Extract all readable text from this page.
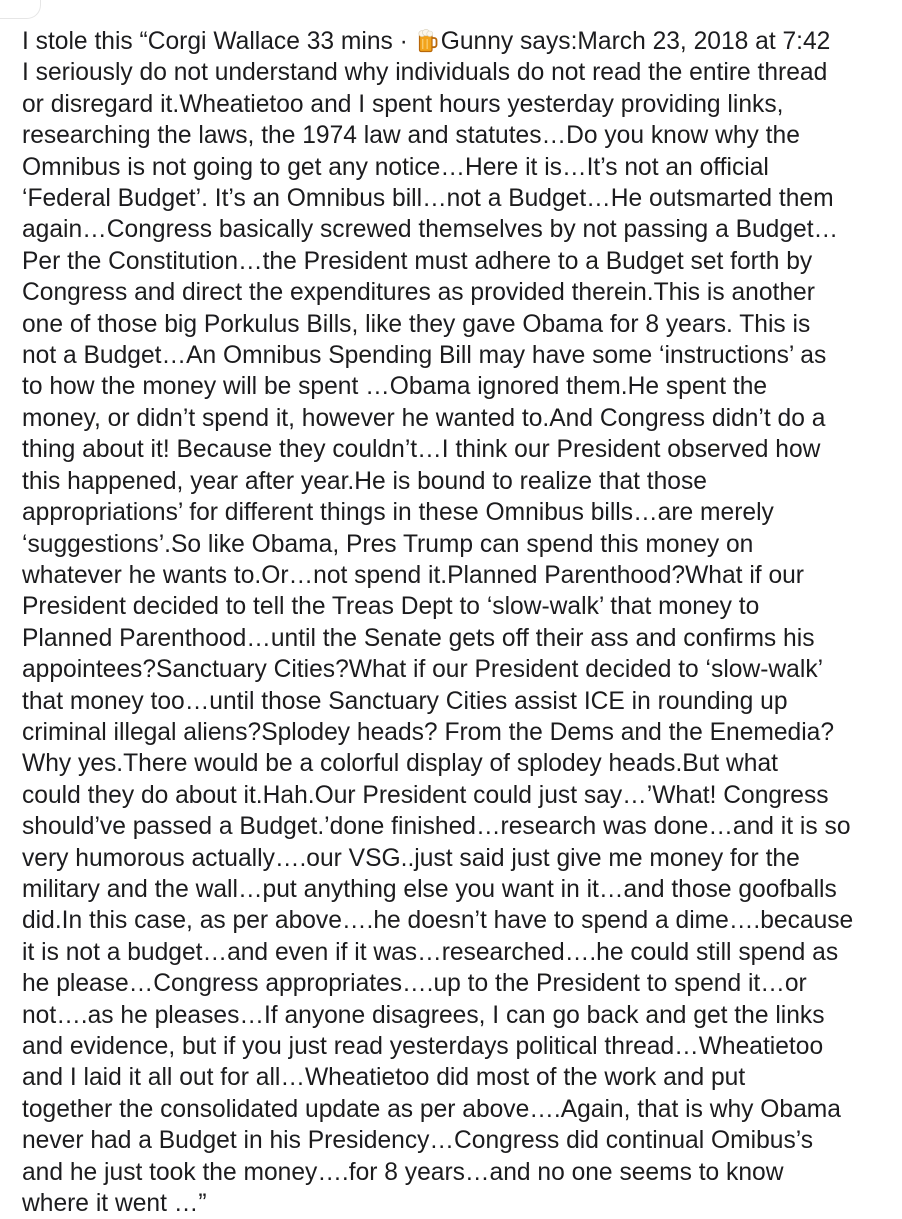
I stole this “Corgi Wallace 33 mins · Gunny says:March 23, 2018 at 7:42
I seriously do not understand why individuals do not read the entire thread
or disregard it.Wheatietoo and I spent hours yesterday providing links,
researching the laws, the 1974 law and statutes…Do you know why the
Omnibus is not going to get any notice…Here it is…It’s not an official
‘Federal Budget’. It’s an Omnibus bill…not a Budget…He outsmarted them
again…Congress basically screwed themselves by not passing a Budget…
Per the Constitution…the President must adhere to a Budget set forth by
Congress and direct the expenditures as provided therein.This is another
one of those big Porkulus Bills, like they gave Obama for 8 years. This is
not a Budget…An Omnibus Spending Bill may have some ‘instructions’ as
to how the money will be spent …Obama ignored them.He spent the
money, or didn’t spend it, however he wanted to.And Congress didn’t do a
thing about it! Because they couldn’t…I think our President observed how
this happened, year after year.He is bound to realize that those
appropriations’ for different things in these Omnibus bills…are merely
‘suggestions’.So like Obama, Pres Trump can spend this money on
whatever he wants to.Or…not spend it.Planned Parenthood?What if our
President decided to tell the Treas Dept to ‘slow-walk’ that money to
Planned Parenthood…until the Senate gets off their ass and confirms his
appointees?Sanctuary Cities?What if our President decided to ‘slow-walk’
that money too…until those Sanctuary Cities assist ICE in rounding up
criminal illegal aliens?Splodey heads? From the Dems and the Enemedia?
Why yes.There would be a colorful display of splodey heads.But what
could they do about it.Hah.Our President could just say…’What! Congress
should’ve passed a Budget.’done finished…research was done…and it is so
very humorous actually….our VSG..just said just give me money for the
military and the wall…put anything else you want in it…and those goofballs
did.In this case, as per above….he doesn’t have to spend a dime….because
it is not a budget…and even if it was…researched….he could still spend as
he please…Congress appropriates….up to the President to spend it…or
not….as he pleases…If anyone disagrees, I can go back and get the links
and evidence, but if you just read yesterdays political thread…Wheatietoo
and I laid it all out for all…Wheatietoo did most of the work and put
together the consolidated update as per above….Again, that is why Obama
never had a Budget in his Presidency…Congress did continual Omibus’s
and he just took the money….for 8 years…and no one seems to know
where it went …”
